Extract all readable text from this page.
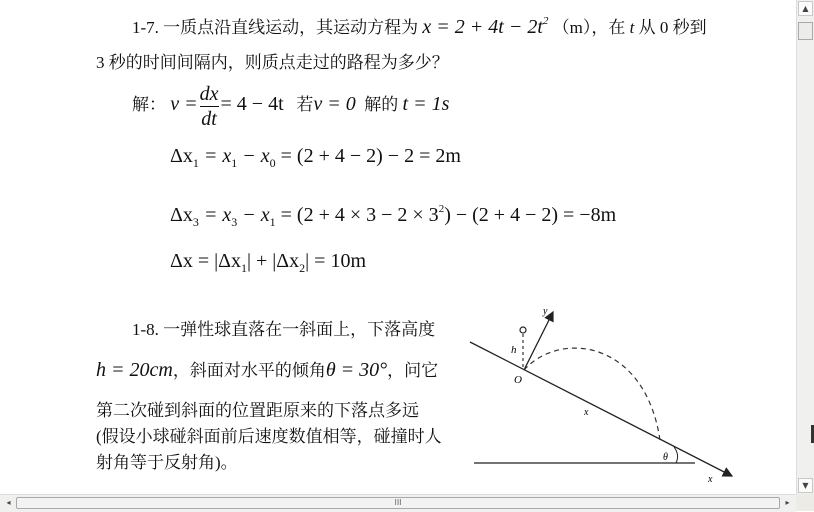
1-7. 一质点沿直线运动，其运动方程为 $x = 2 + 4t - 2t^2$ （m），在 t 从 0 秒到
3 秒的时间间隔内，则质点走过的路程为多少？
解： $v = \frac{dx}{dt} = 4 - 4t$ 若v = 0 解的 t = 1s
$\Delta x_1 = x_1 - x_0 = (2 + 4 - 2) - 2 = 2m$
$\Delta x_3 = x_3 - x_1 = (2 + 4 \times 3 - 2 \times 3^2) - (2 + 4 - 2) = -8m$
$\Delta x = |\Delta x_1| + |\Delta x_2| = 10m$
1-8. 一弹性球直落在一斜面上，下落高度
h = 20cm，斜面对水平的倾角θ = 30°，问它
第二次碰到斜面的位置距原来的下落点多远
(假设小球碰斜面前后速度数值相等，碰撞时人
射角等于反射角)。
h
O
x
y
x
θ
▲
▼
◂	III	▸
